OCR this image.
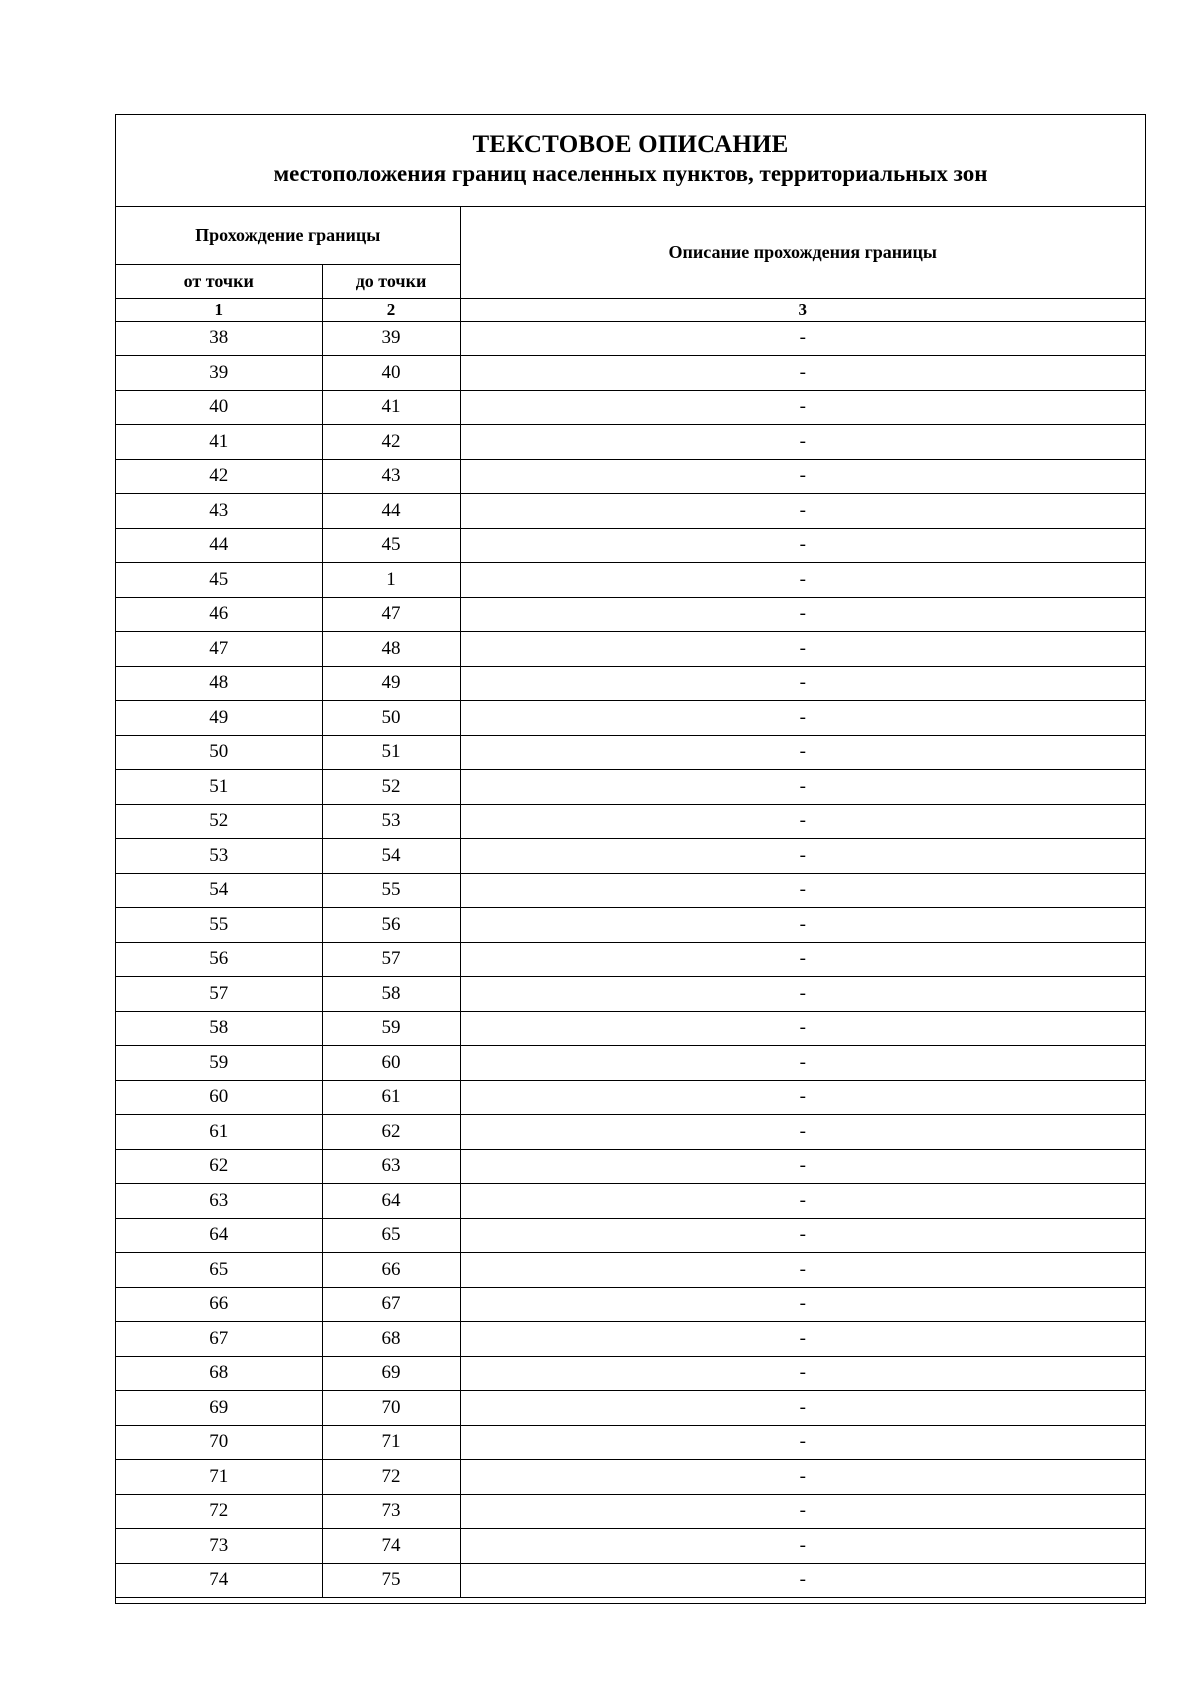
ТЕКСТОВОЕ ОПИСАНИЕ
местоположения границ населенных пунктов, территориальных зон
Прохождение границы		Описание прохождения границы
от точки	до точки	
1	2	3
38	39	-
39	40	-
40	41	-
41	42	-
42	43	-
43	44	-
44	45	-
45	1	-
46	47	-
47	48	-
48	49	-
49	50	-
50	51	-
51	52	-
52	53	-
53	54	-
54	55	-
55	56	-
56	57	-
57	58	-
58	59	-
59	60	-
60	61	-
61	62	-
62	63	-
63	64	-
64	65	-
65	66	-
66	67	-
67	68	-
68	69	-
69	70	-
70	71	-
71	72	-
72	73	-
73	74	-
74	75	-
